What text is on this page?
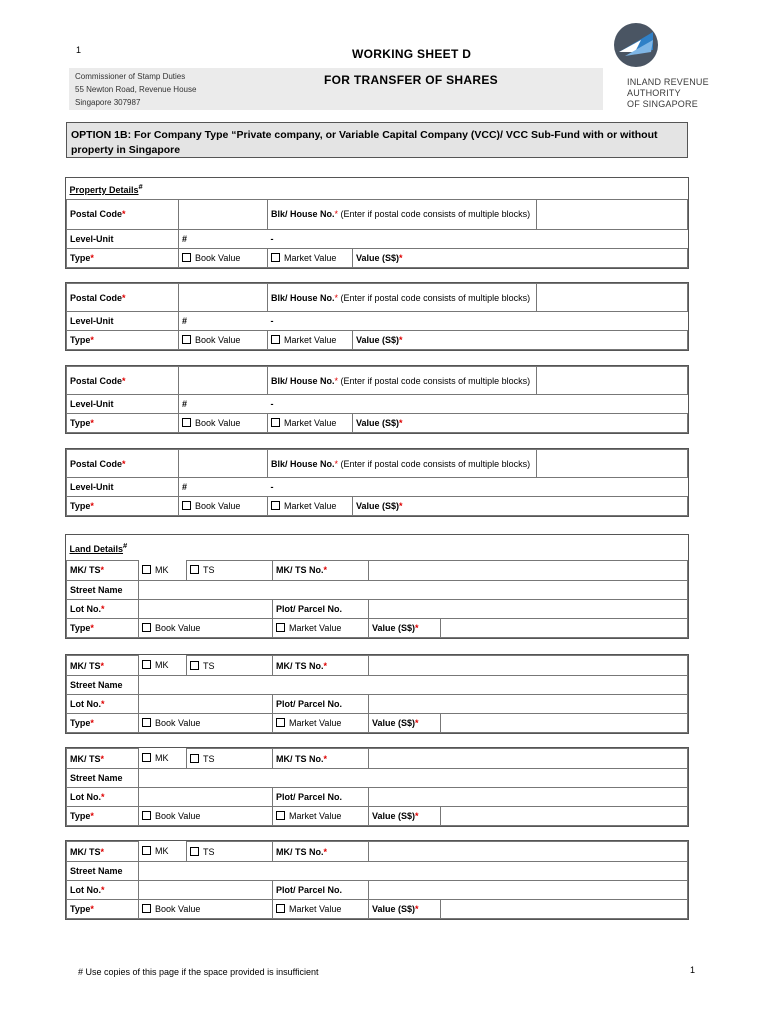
1	WORKING SHEET D
FOR TRANSFER OF SHARES
Commissioner of Stamp Duties
55 Newton Road, Revenue House
Singapore 307987
INLAND REVENUE
AUTHORITY
OF SINGAPORE
OPTION 1B: For Company Type “Private company, or Variable Capital Company (VCC)/ VCC Sub-Fund with or without property in Singapore
Property Details#
Postal Code*		Blk/ House No.* (Enter if postal code consists of multiple blocks)		
Level-Unit	#	-		
Type*	Book Value	Market Value	Value (S$)*	
Postal Code*		Blk/ House No.* (Enter if postal code consists of multiple blocks)		
Level-Unit	#	-		
Type*	Book Value	Market Value	Value (S$)*	
Postal Code*		Blk/ House No.* (Enter if postal code consists of multiple blocks)		
Level-Unit	#	-		
Type*	Book Value	Market Value	Value (S$)*	
Postal Code*		Blk/ House No.* (Enter if postal code consists of multiple blocks)		
Level-Unit	#	-		
Type*	Book Value	Market Value	Value (S$)*	
Land Details#
MK/ TS*	MK	TS	MK/ TS No.*		
Street Name					
Lot No.*			Plot/ Parcel No.		
Type*	Book Value		Market Value	Value (S$)*	
MK/ TS*	MK	TS	MK/ TS No.*		
Street Name					
Lot No.*			Plot/ Parcel No.		
Type*	Book Value		Market Value	Value (S$)*	
MK/ TS*	MK	TS	MK/ TS No.*		
Street Name					
Lot No.*			Plot/ Parcel No.		
Type*	Book Value		Market Value	Value (S$)*	
MK/ TS*	MK	TS	MK/ TS No.*		
Street Name					
Lot No.*			Plot/ Parcel No.		
Type*	Book Value		Market Value	Value (S$)*	
# Use copies of this page if the space provided is insufficient	1
